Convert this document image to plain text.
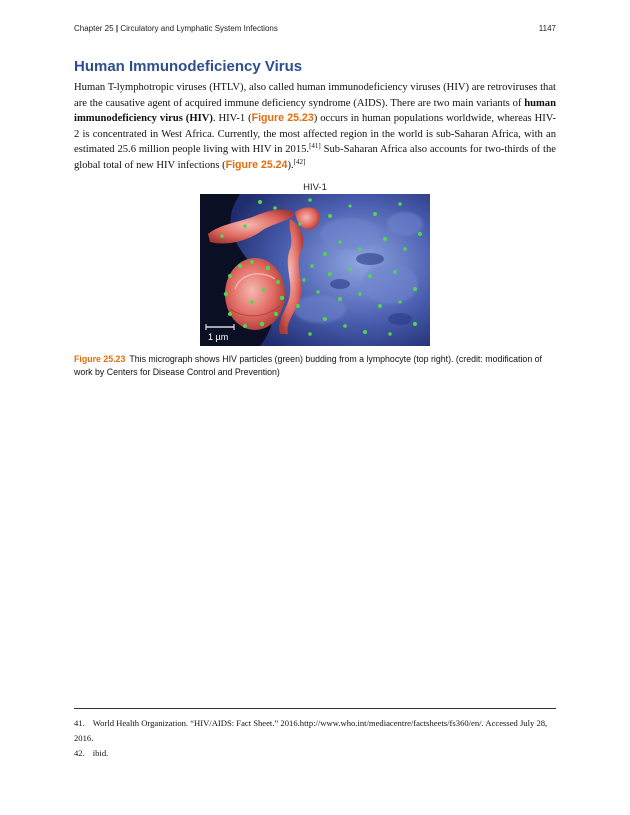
Chapter 25 | Circulatory and Lymphatic System Infections	1147
Human Immunodeficiency Virus

Human T-lymphotropic viruses (HTLV), also called human immunodeficiency viruses (HIV) are retroviruses that are the causative agent of acquired immune deficiency syndrome (AIDS). There are two main variants of human immunodeficiency virus (HIV). HIV-1 (Figure 25.23) occurs in human populations worldwide, whereas HIV-2 is concentrated in West Africa. Currently, the most affected region in the world is sub-Saharan Africa, with an estimated 25.6 million people living with HIV in 2015.[41] Sub-Saharan Africa also accounts for two-thirds of the global total of new HIV infections (Figure 25.24).[42]

HIV-1
1 µm

Figure 25.23 This micrograph shows HIV particles (green) budding from a lymphocyte (top right). (credit: modification of work by Centers for Disease Control and Prevention)

41. World Health Organization. “HIV/AIDS: Fact Sheet.” 2016.http://www.who.int/mediacentre/factsheets/fs360/en/. Accessed July 28, 2016.
42. ibid.
